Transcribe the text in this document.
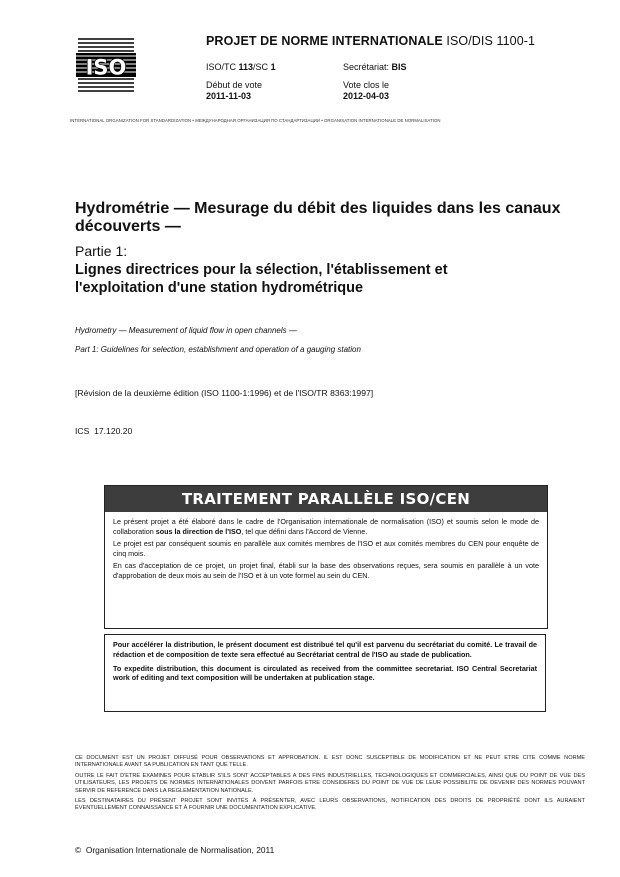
ISO
PROJET DE NORME INTERNATIONALE ISO/DIS 1100-1
ISO/TC 113/SC 1	Secrétariat: BIS
Début de vote
2011-11-03
Vote clos le
2012-04-03
INTERNATIONAL ORGANIZATION FOR STANDARDIZATION • МЕЖДУНАРОДНАЯ ОРГАНИЗАЦИЯ ПО СТАНДАРТИЗАЦИИ • ORGANISATION INTERNATIONALE DE NORMALISATION
Hydrométrie — Mesurage du débit des liquides dans les canaux
découverts —
Partie 1:
Lignes directrices pour la sélection, l'établissement et
l'exploitation d'une station hydrométrique
Hydrometry — Measurement of liquid flow in open channels —
Part 1: Guidelines for selection, establishment and operation of a gauging station
[Révision de la deuxième édition (ISO 1100-1:1996) et de l'ISO/TR 8363:1997]
ICS 17.120.20
TRAITEMENT PARALLÈLE ISO/CEN

Le présent projet a été élaboré dans le cadre de l'Organisation internationale de normalisation (ISO) et soumis selon le mode de collaboration sous la direction de l'ISO, tel que défini dans l'Accord de Vienne.

Le projet est par conséquent soumis en parallèle aux comités membres de l'ISO et aux comités membres du CEN pour enquête de cinq mois.

En cas d'acceptation de ce projet, un projet final, établi sur la base des observations reçues, sera soumis en parallèle à un vote d'approbation de deux mois au sein de l'ISO et à un vote formel au sein du CEN.

Pour accélérer la distribution, le présent document est distribué tel qu'il est parvenu du secrétariat du comité. Le travail de rédaction et de composition de texte sera effectué au Secrétariat central de l'ISO au stade de publication.

To expedite distribution, this document is circulated as received from the committee secretariat. ISO Central Secretariat work of editing and text composition will be undertaken at publication stage.

CE DOCUMENT EST UN PROJET DIFFUSÉ POUR OBSERVATIONS ET APPROBATION. IL EST DONC SUSCEPTIBLE DE MODIFICATION ET NE PEUT ETRE CITE COMME NORME INTERNATIONALE AVANT SA PUBLICATION EN TANT QUE TELLE.

OUTRE LE FAIT D'ETRE EXAMINES POUR ETABLIR S'ILS SONT ACCEPTABLES A DES FINS INDUSTRIELLES, TECHNOLOGIQUES ET COMMERCIALES, AINSI QUE DU POINT DE VUE DES UTILISATEURS, LES PROJETS DE NORMES INTERNATIONALES DOIVENT PARFOIS ETRE CONSIDERES DU POINT DE VUE DE LEUR POSSIBILITE DE DEVENIR DES NORMES POUVANT SERVIR DE REFERENCE DANS LA REGLEMENTATION NATIONALE.

LES DESTINATAIRES DU PRÉSENT PROJET SONT INVITÉS À PRÉSENTER, AVEC LEURS OBSERVATIONS, NOTIFICATION DES DROITS DE PROPRIÉTÉ DONT ILS AURAIENT ÉVENTUELLEMENT CONNAISSANCE ET À FOURNIR UNE DOCUMENTATION EXPLICATIVE.

© Organisation Internationale de Normalisation, 2011
